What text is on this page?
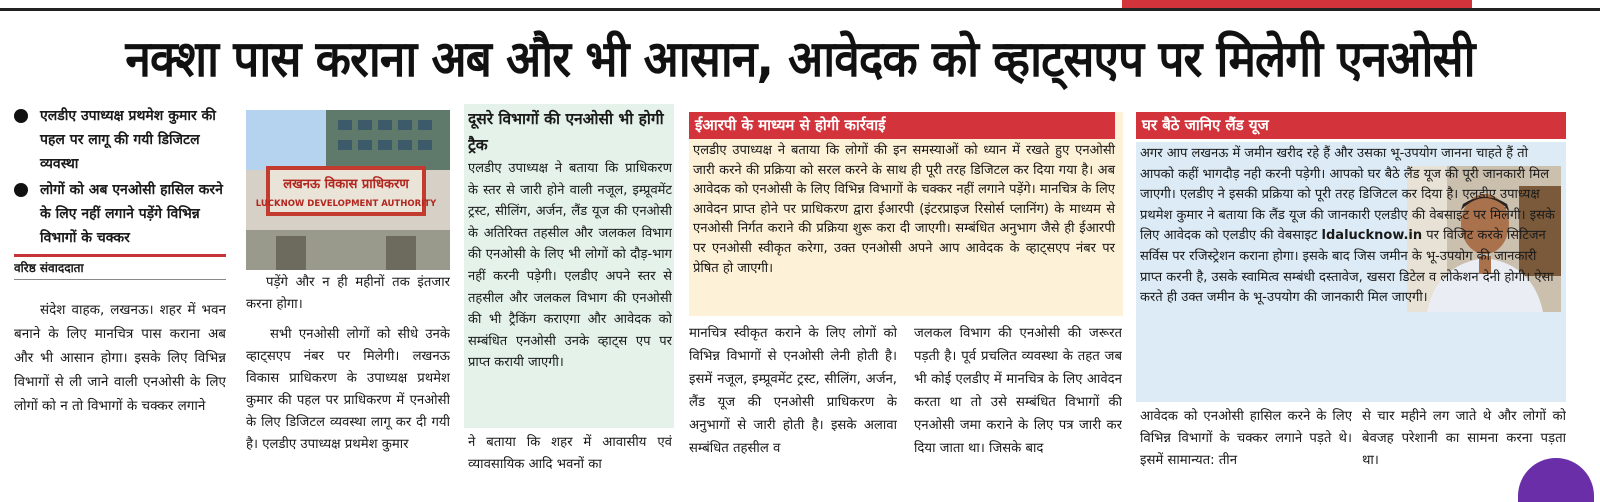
नक्शा पास कराना अब और भी आसान, आवेदक को व्हाट्सएप पर मिलेगी एनओसी
एलडीए उपाध्यक्ष प्रथमेश कुमार की पहल पर लागू की गयी डिजिटल व्यवस्था
लोगों को अब एनओसी हासिल करने के लिए नहीं लगाने पड़ेंगे विभिन्न विभागों के चक्कर
वरिष्ठ संवाददाता

संदेश वाहक, लखनऊ। शहर में भवन बनाने के लिए मानचित्र पास कराना अब और भी आसान होगा। इसके लिए विभिन्न विभागों से ली जाने वाली एनओसी के लिए लोगों को न तो विभागों के चक्कर लगाने

लखनऊ विकास प्राधिकरण
LUCKNOW DEVELOPMENT AUTHORITY

पड़ेंगे और न ही महीनों तक इंतजार करना होगा।

सभी एनओसी लोगों को सीधे उनके व्हाट्सएप नंबर पर मिलेगी। लखनऊ विकास प्राधिकरण के उपाध्यक्ष प्रथमेश कुमार की पहल पर प्राधिकरण में एनओसी के लिए डिजिटल व्यवस्था लागू कर दी गयी है। एलडीए उपाध्यक्ष प्रथमेश कुमार

दूसरे विभागों की एनओसी भी होगी ट्रैक

एलडीए उपाध्यक्ष ने बताया कि प्राधिकरण के स्तर से जारी होने वाली नजूल, इम्प्रूवमेंट ट्रस्ट, सीलिंग, अर्जन, लैंड यूज की एनओसी के अतिरिक्त तहसील और जलकल विभाग की एनओसी के लिए भी लोगों को दौड़-भाग नहीं करनी पड़ेगी। एलडीए अपने स्तर से तहसील और जलकल विभाग की एनओसी की भी ट्रैकिंग कराएगा और आवेदक को सम्बंधित एनओसी उनके व्हाट्स एप पर प्राप्त करायी जाएगी।

ने बताया कि शहर में आवासीय एवं व्यावसायिक आदि भवनों का

ईआरपी के माध्यम से होगी कार्रवाई

एलडीए उपाध्यक्ष ने बताया कि लोगों की इन समस्याओं को ध्यान में रखते हुए एनओसी जारी करने की प्रक्रिया को सरल करने के साथ ही पूरी तरह डिजिटल कर दिया गया है। अब आवेदक को एनओसी के लिए विभिन्न विभागों के चक्कर नहीं लगाने पड़ेंगे। मानचित्र के लिए आवेदन प्राप्त होने पर प्राधिकरण द्वारा ईआरपी (इंटरप्राइज रिसोर्स प्लानिंग) के माध्यम से एनओसी निर्गत कराने की प्रक्रिया शुरू करा दी जाएगी। सम्बंधित अनुभाग जैसे ही ईआरपी पर एनओसी स्वीकृत करेगा, उक्त एनओसी अपने आप आवेदक के व्हाट्सएप नंबर पर प्रेषित हो जाएगी।

मानचित्र स्वीकृत कराने के लिए लोगों को विभिन्न विभागों से एनओसी लेनी होती है। इसमें नजूल, इम्प्रूवमेंट ट्रस्ट, सीलिंग, अर्जन, लैंड यूज की एनओसी प्राधिकरण के अनुभागों से जारी होती है। इसके अलावा सम्बंधित तहसील व

जलकल विभाग की एनओसी की जरूरत पड़ती है। पूर्व प्रचलित व्यवस्था के तहत जब भी कोई एलडीए में मानचित्र के लिए आवेदन करता था तो उसे सम्बंधित विभागों की एनओसी जमा कराने के लिए पत्र जारी कर दिया जाता था। जिसके बाद

घर बैठे जानिए लैंड यूज

अगर आप लखनऊ में जमीन खरीद रहे हैं और उसका भू-उपयोग जानना चाहते हैं तो आपको कहीं भागदौड़ नही करनी पड़ेगी। आपको घर बैठे लैंड यूज की पूरी जानकारी मिल जाएगी। एलडीए ने इसकी प्रक्रिया को पूरी तरह डिजिटल कर दिया है। एलडीए उपाध्यक्ष प्रथमेश कुमार ने बताया कि लैंड यूज की जानकारी एलडीए की वेबसाइट पर मिलेगी। इसके लिए आवेदक को एलडीए की वेबसाइट ldalucknow.in पर विजिट करके सिटिजन सर्विस पर रजिस्ट्रेशन कराना होगा। इसके बाद जिस जमीन के भू-उपयोग की जानकारी प्राप्त करनी है, उसके स्वामित्व सम्बंधी दस्तावेज, खसरा डिटेल व लोकेशन देनी होगी। ऐसा करते ही उक्त जमीन के भू-उपयोग की जानकारी मिल जाएगी।

आवेदक को एनओसी हासिल करने के लिए विभिन्न विभागों के चक्कर लगाने पड़ते थे। इसमें सामान्यत: तीन

से चार महीने लग जाते थे और लोगों को बेवजह परेशानी का सामना करना पड़ता था।
